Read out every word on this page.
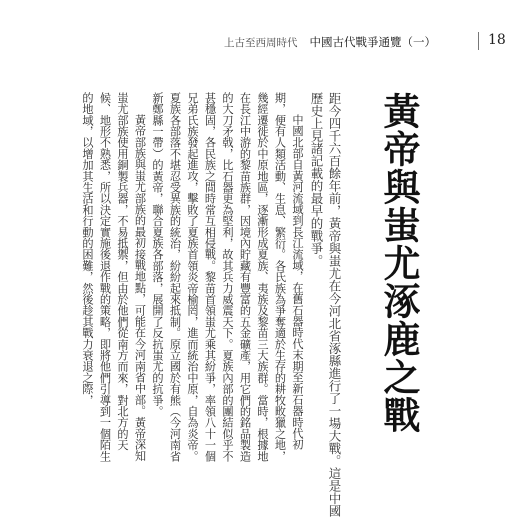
上古至西周時代 中國古代戰爭通覽（一）	18
黃帝與蚩尤涿鹿之戰
距今四千六百餘年前，黃帝與蚩尤在今河北省涿縣進行了一場大戰。這是中國
歷史上見諸記載的最早的戰爭。

中國北部自黃河流域到長江流域，在舊石器時代末期至新石器時代初期，便有人類活動、生息、繁衍。各氏族為爭奪適於生存的耕牧畋獵之地，幾經遷徙於中原地區，逐漸形成夏族、夷族及黎苗三大族群。當時，根據地在長江中游的黎苗族群，因境內貯藏有豐富的五金礦產，用它們的銘品製造的大刀矛戟，比石器更為堅利，故其兵力威震天下。夏族內部的團結似乎不甚穩固，各民族之間時常互相侵戰。黎苗首領蚩尤乘其紛爭，率領八十一個兄弟氏族發起進攻，擊敗了夏族首領炎帝榆罔，進而統治中原，自為炎帝。夏族各部落不堪忍受異族的統治，紛紛起來抵制。原立國於有熊（今河南省新鄭縣一帶）的黃帝，聯合夏族各部落，展開了反抗蚩尤的抗爭。

黃帝部族與蚩尤部族的最初接戰地點，可能在今河南省中部。黃帝深知蚩尤部族使用銅製兵器，不易抵禦，但由於他們從南方而來，對北方的天候、地形不熟悉，所以決定實施後退作戰的策略，即將他們引導到一個陌生的地域，以增加其生活和行動的困難，然後趁其戰力衰退之際，
